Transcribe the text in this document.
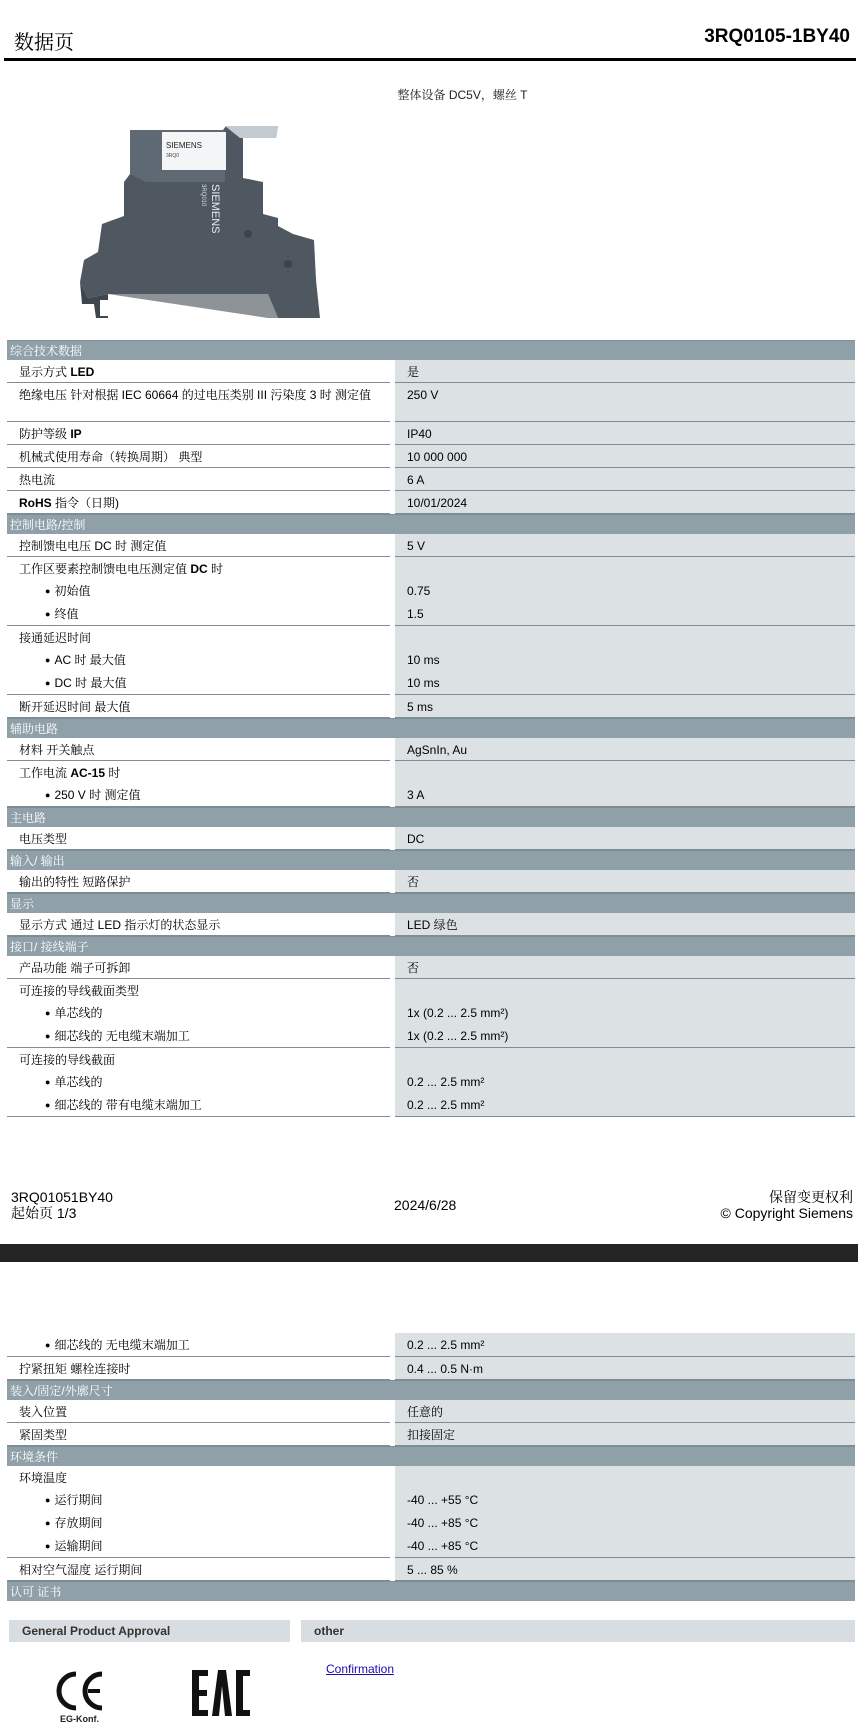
数据页	3RQ0105-1BY40
整体设备 DC5V，螺丝 T
SIEMENS
3RQ0
SIEMENS
3RQ010
综合技术数据
显示方式 LED	是
绝缘电压 针对根据 IEC 60664 的过电压类别 III 污染度 3 时 测定值	250 V
防护等级 IP	IP40
机械式使用寿命（转换周期） 典型	10 000 000
热电流	6 A
RoHS 指令（日期)	10/01/2024
控制电路/控制
控制馈电电压 DC 时 测定值	5 V
工作区要素控制馈电电压测定值 DC 时
● 初始值	0.75
● 终值	1.5
接通延迟时间
● AC 时 最大值	10 ms
● DC 时 最大值	10 ms
断开延迟时间 最大值	5 ms
辅助电路
材料 开关触点	AgSnIn, Au
工作电流 AC-15 时
● 250 V 时 测定值	3 A
主电路
电压类型	DC
输入/ 输出
输出的特性 短路保护	否
显示
显示方式 通过 LED 指示灯的状态显示	LED 绿色
接口/ 接线端子
产品功能 端子可拆卸	否
可连接的导线截面类型
● 单芯线的	1x (0.2 ... 2.5 mm²)
● 细芯线的 无电缆末端加工	1x (0.2 ... 2.5 mm²)
可连接的导线截面
● 单芯线的	0.2 ... 2.5 mm²
● 细芯线的 带有电缆末端加工	0.2 ... 2.5 mm²
3RQ01051BY40
起始页 1/3	2024/6/28	保留变更权利
© Copyright Siemens
● 细芯线的 无电缆末端加工	0.2 ... 2.5 mm²
拧紧扭矩 螺栓连接时	0.4 ... 0.5 N·m
装入/固定/外廓尺寸
装入位置	任意的
紧固类型	扣接固定
环境条件
环境温度
● 运行期间	-40 ... +55 °C
● 存放期间	-40 ... +85 °C
● 运输期间	-40 ... +85 °C
相对空气湿度 运行期间	5 ... 85 %
认可 证书
General Product Approval	other
EG-Konf.
Confirmation
